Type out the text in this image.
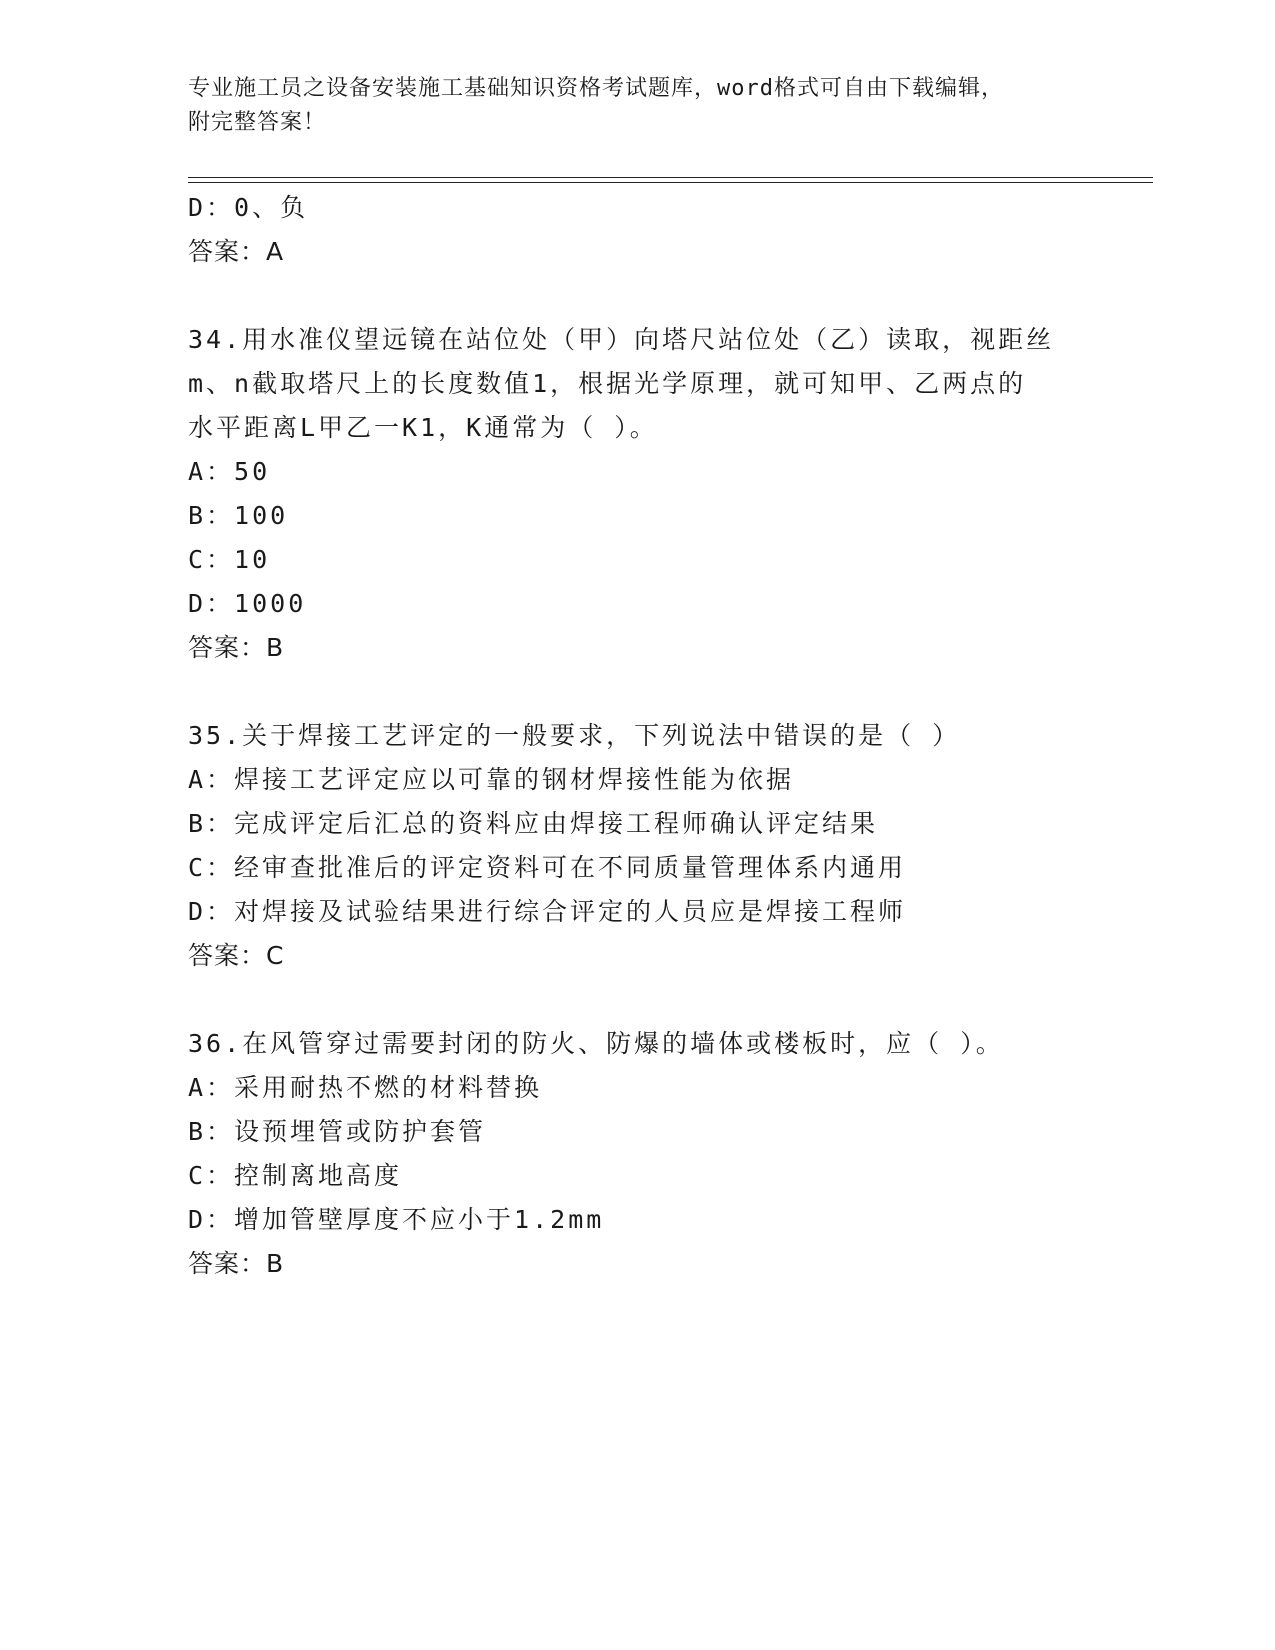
专业施工员之设备安装施工基础知识资格考试题库，word格式可自由下载编辑，
附完整答案！
D：0、负
答案：A
34.用水准仪望远镜在站位处（甲）向塔尺站位处（乙）读取，视距丝
m、n截取塔尺上的长度数值1，根据光学原理，就可知甲、乙两点的
水平距离L甲乙一K1，K通常为（ ）。
A：50
B：100
C：10
D：1000
答案：B
35.关于焊接工艺评定的一般要求，下列说法中错误的是（ ）
A：焊接工艺评定应以可靠的钢材焊接性能为依据
B：完成评定后汇总的资料应由焊接工程师确认评定结果
C：经审查批准后的评定资料可在不同质量管理体系内通用
D：对焊接及试验结果进行综合评定的人员应是焊接工程师
答案：C
36.在风管穿过需要封闭的防火、防爆的墙体或楼板时，应（ ）。
A：采用耐热不燃的材料替换
B：设预埋管或防护套管
C：控制离地高度
D：增加管壁厚度不应小于1.2mm
答案：B
